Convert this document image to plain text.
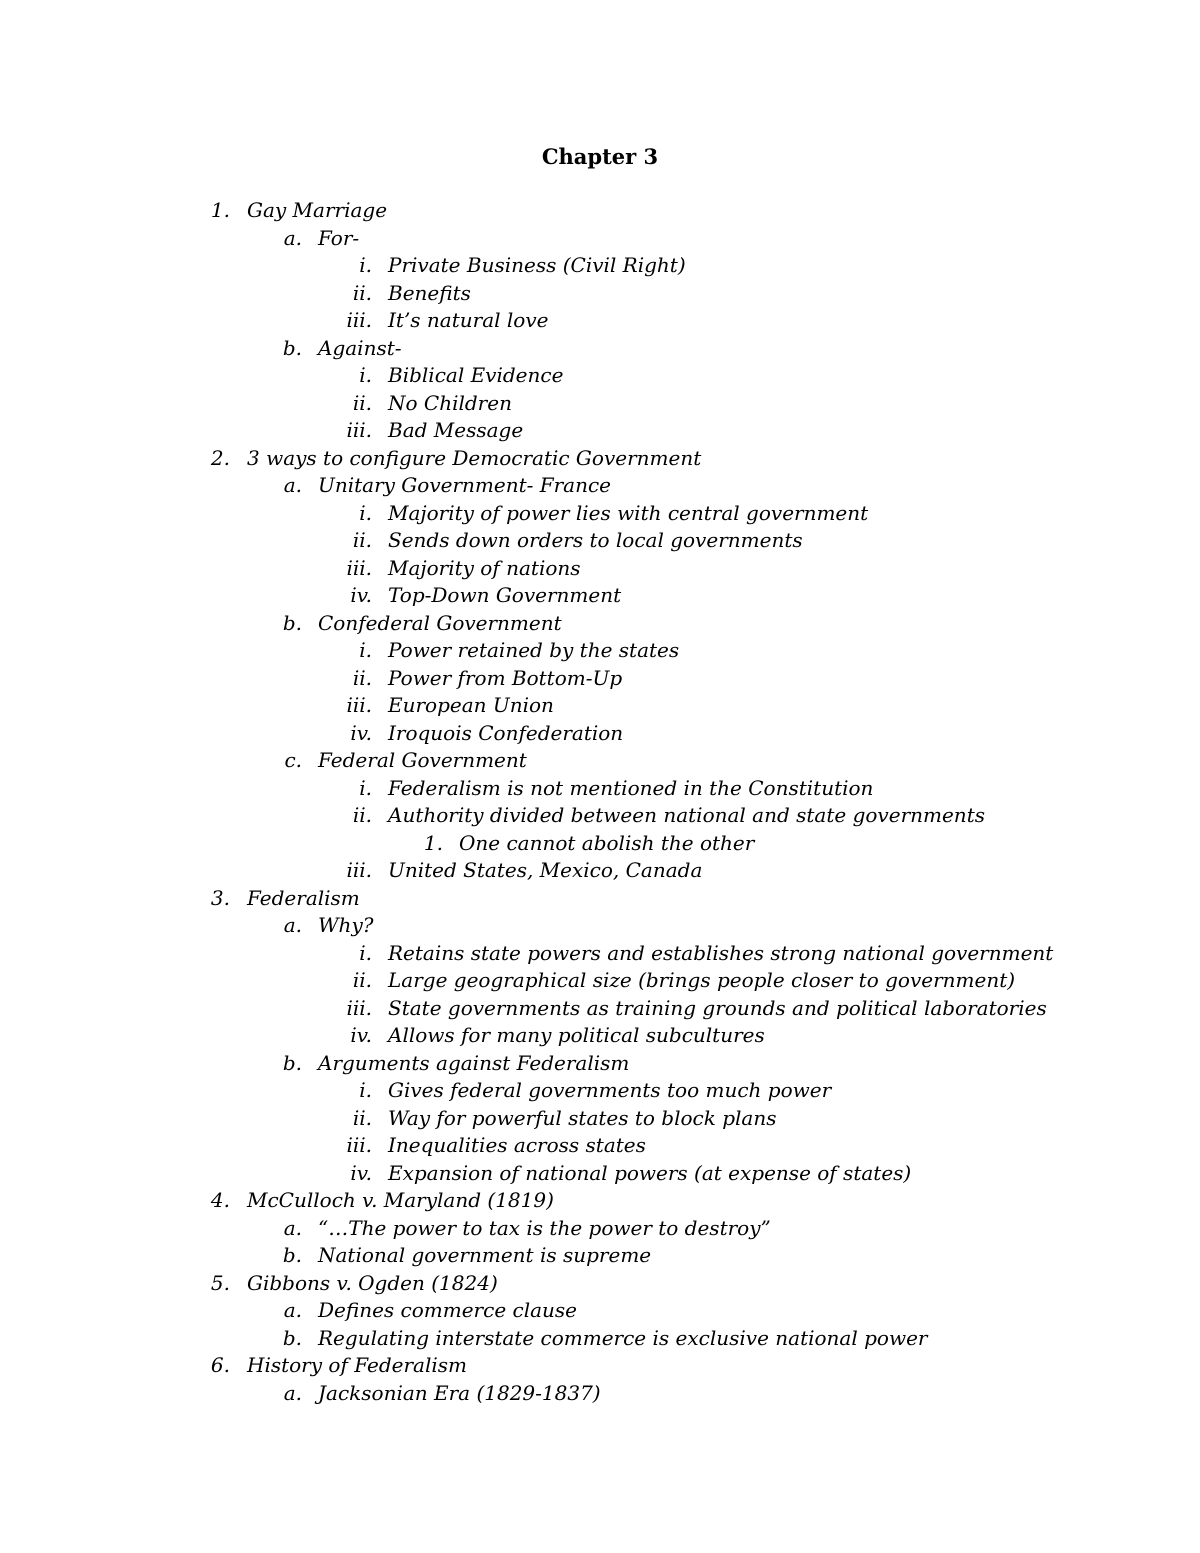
Chapter 3
1. Gay Marriage
a. For-
i. Private Business (Civil Right)
ii. Benefits
iii. It’s natural love
b. Against-
i. Biblical Evidence
ii. No Children
iii. Bad Message
2. 3 ways to configure Democratic Government
a. Unitary Government- France
i. Majority of power lies with central government
ii. Sends down orders to local governments
iii. Majority of nations
iv. Top-Down Government
b. Confederal Government
i. Power retained by the states
ii. Power from Bottom-Up
iii. European Union
iv. Iroquois Confederation
c. Federal Government
i. Federalism is not mentioned in the Constitution
ii. Authority divided between national and state governments
1. One cannot abolish the other
iii. United States, Mexico, Canada
3. Federalism
a. Why?
i. Retains state powers and establishes strong national government
ii. Large geographical size (brings people closer to government)
iii. State governments as training grounds and political laboratories
iv. Allows for many political subcultures
b. Arguments against Federalism
i. Gives federal governments too much power
ii. Way for powerful states to block plans
iii. Inequalities across states
iv. Expansion of national powers (at expense of states)
4. McCulloch v. Maryland (1819)
a. “…The power to tax is the power to destroy”
b. National government is supreme
5. Gibbons v. Ogden (1824)
a. Defines commerce clause
b. Regulating interstate commerce is exclusive national power
6. History of Federalism
a. Jacksonian Era (1829-1837)
